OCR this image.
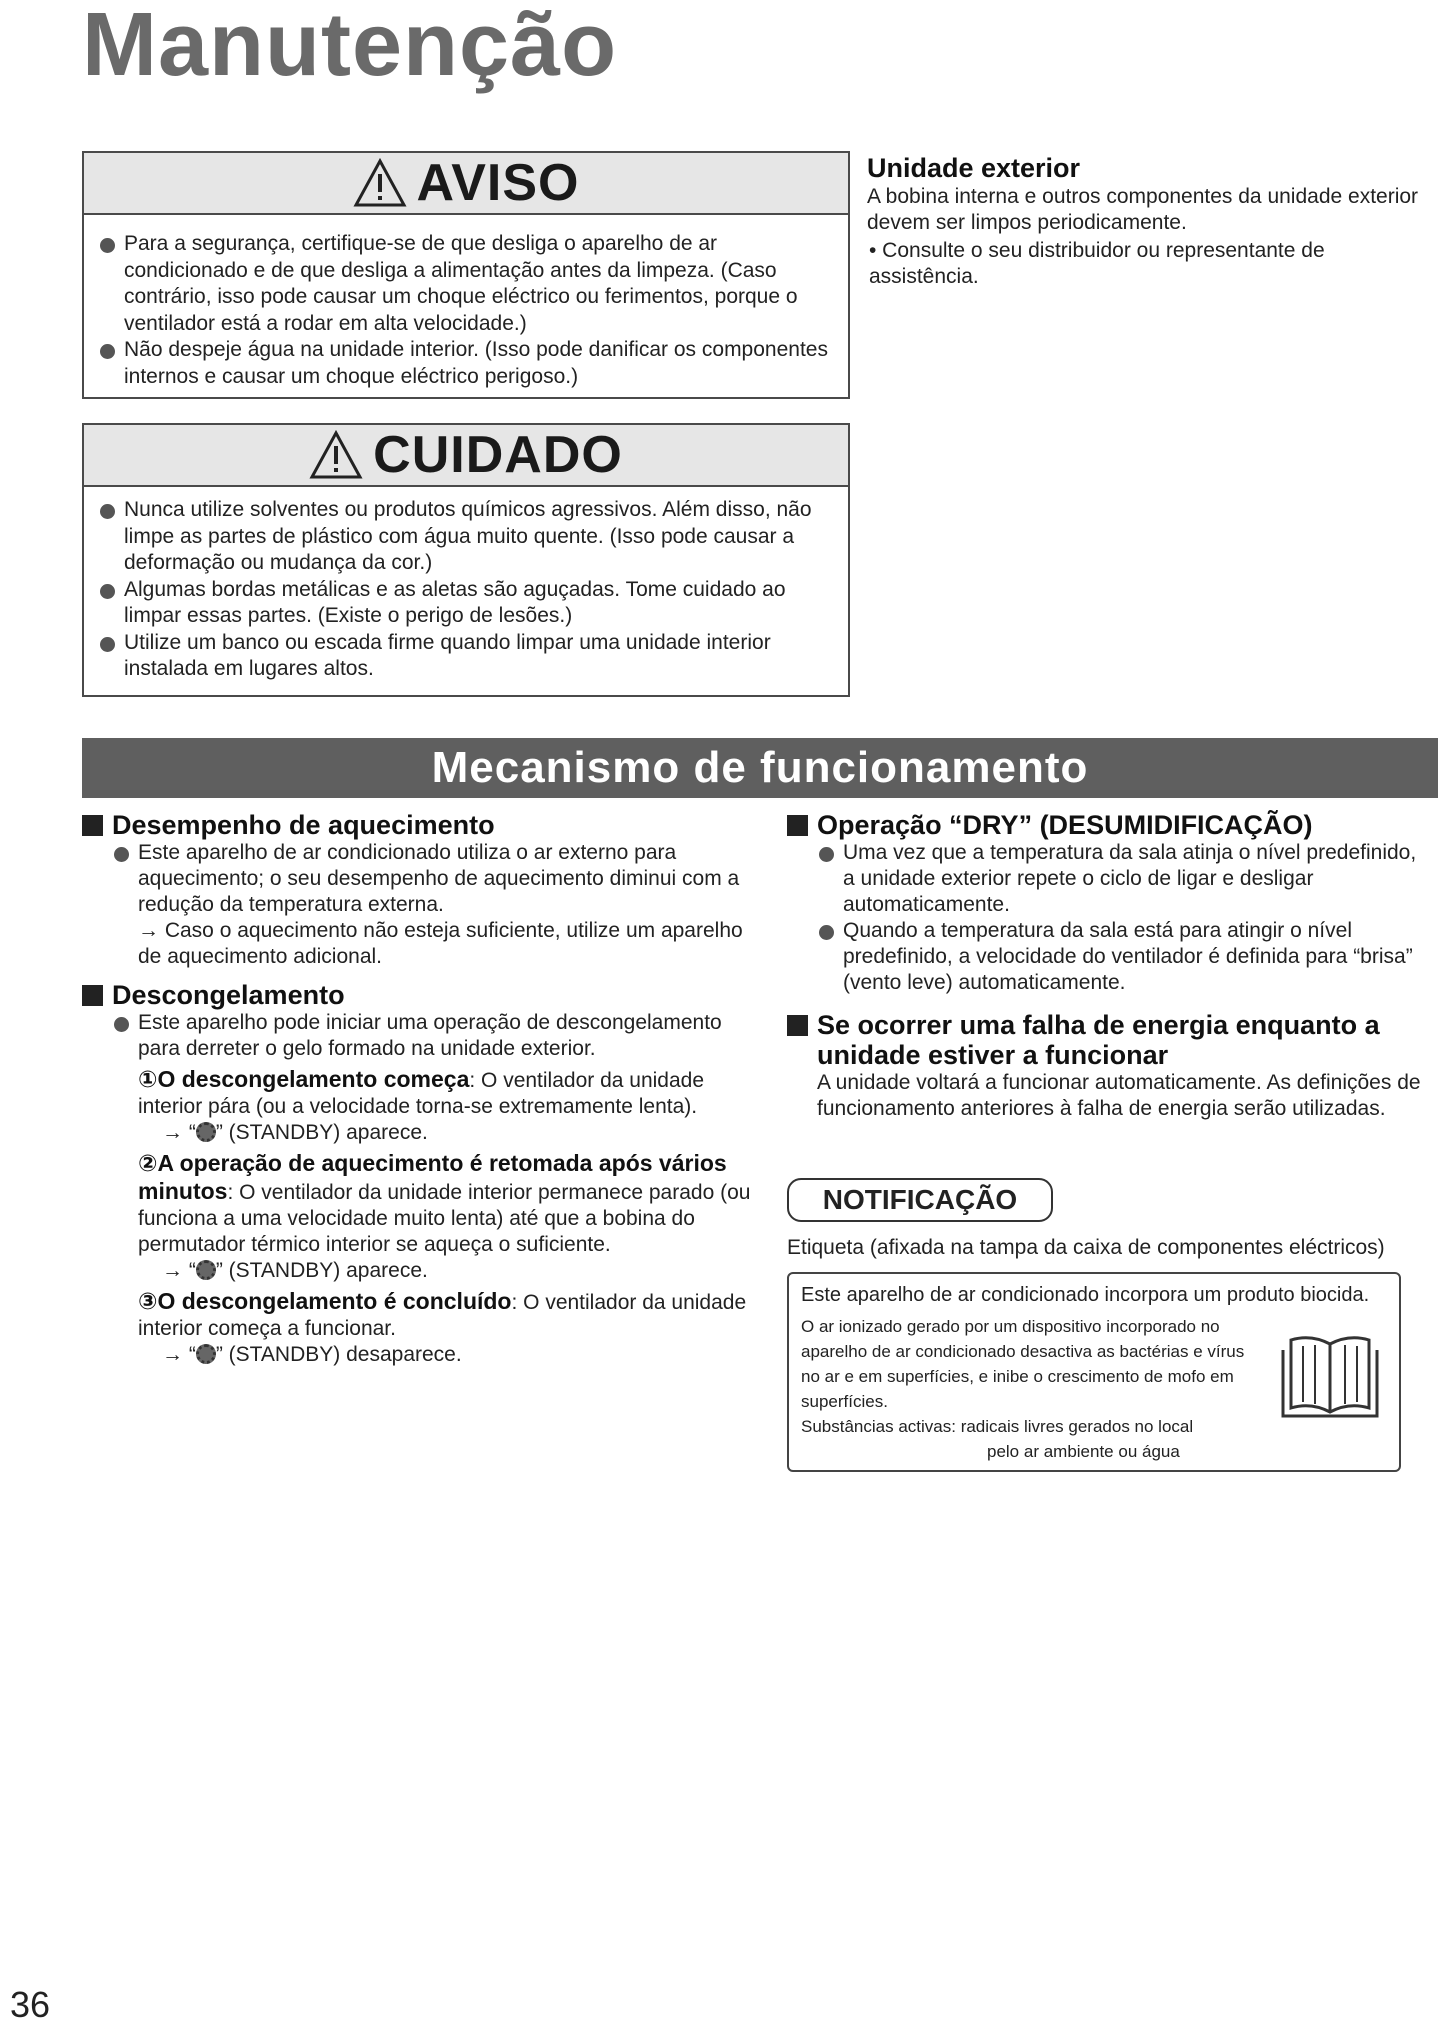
Manutenção
AVISO
Para a segurança, certifique-se de que desliga o aparelho de ar condicionado e de que desliga a alimentação antes da limpeza. (Caso contrário, isso pode causar um choque eléctrico ou ferimentos, porque o ventilador está a rodar em alta velocidade.)
Não despeje água na unidade interior. (Isso pode danificar os componentes internos e causar um choque eléctrico perigoso.)
Unidade exterior
A bobina interna e outros componentes da unidade exterior devem ser limpos periodicamente.
• Consulte o seu distribuidor ou representante de assistência.
CUIDADO
Nunca utilize solventes ou produtos químicos agressivos. Além disso, não limpe as partes de plástico com água muito quente. (Isso pode causar a deformação ou mudança da cor.)
Algumas bordas metálicas e as aletas são aguçadas. Tome cuidado ao limpar essas partes. (Existe o perigo de lesões.)
Utilize um banco ou escada firme quando limpar uma unidade interior instalada em lugares altos.
Mecanismo de funcionamento
Desempenho de aquecimento
Este aparelho de ar condicionado utiliza o ar externo para aquecimento; o seu desempenho de aquecimento diminui com a redução da temperatura externa.
→ Caso o aquecimento não esteja suficiente, utilize um aparelho de aquecimento adicional.
Descongelamento
Este aparelho pode iniciar uma operação de descongelamento para derreter o gelo formado na unidade exterior.
①O descongelamento começa: O ventilador da unidade interior pára (ou a velocidade torna-se extremamente lenta).
→ “ ” (STANDBY) aparece.
②A operação de aquecimento é retomada após vários minutos: O ventilador da unidade interior permanece parado (ou funciona a uma velocidade muito lenta) até que a bobina do permutador térmico interior se aqueça o suficiente.
→ “ ” (STANDBY) aparece.
③O descongelamento é concluído: O ventilador da unidade interior começa a funcionar.
→ “ ” (STANDBY) desaparece.
Operação “DRY” (DESUMIDIFICAÇÃO)
Uma vez que a temperatura da sala atinja o nível predefinido, a unidade exterior repete o ciclo de ligar e desligar automaticamente.
Quando a temperatura da sala está para atingir o nível predefinido, a velocidade do ventilador é definida para “brisa” (vento leve) automaticamente.
Se ocorrer uma falha de energia enquanto a unidade estiver a funcionar
A unidade voltará a funcionar automaticamente. As definições de funcionamento anteriores à falha de energia serão utilizadas.
NOTIFICAÇÃO
Etiqueta (afixada na tampa da caixa de componentes eléctricos)
Este aparelho de ar condicionado incorpora um produto biocida.
O ar ionizado gerado por um dispositivo incorporado no aparelho de ar condicionado desactiva as bactérias e vírus no ar e em superfícies, e inibe o crescimento de mofo em superfícies.
Substâncias activas: radicais livres gerados no local
pelo ar ambiente ou água
36
